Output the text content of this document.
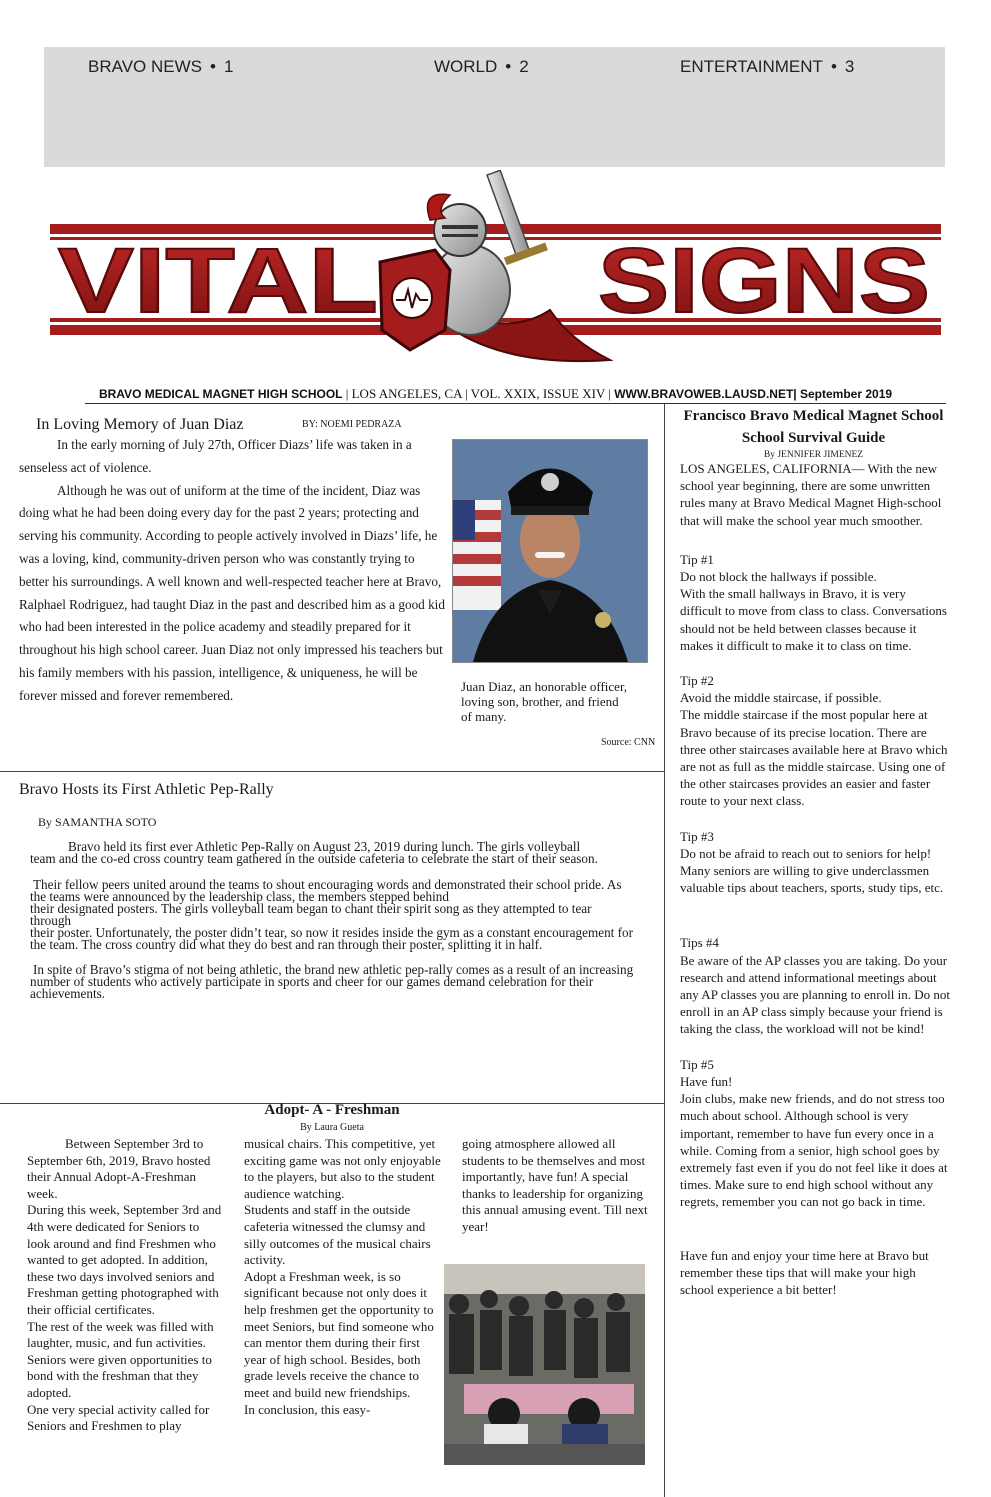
BRAVO NEWS • 1	WORLD • 2	ENTERTAINMENT • 3
VITAL SIGNS
BRAVO MEDICAL MAGNET HIGH SCHOOL | LOS ANGELES, CA | VOL. XXIX, ISSUE XIV | WWW.BRAVOWEB.LAUSD.NET| September 2019
In Loving Memory of Juan Diaz	BY: NOEMI PEDRAZA

In the early morning of July 27th, Officer Diazs’ life was taken in a senseless act of violence.

Although he was out of uniform at the time of the incident, Diaz was doing what he had been doing every day for the past 2 years; protecting and serving his community. According to people actively involved in Diazs’ life, he was a loving, kind, community-driven person who was constantly trying to better his surroundings. A well known and well-respected teacher here at Bravo, Ralphael Rodriguez, had taught Diaz in the past and described him as a good kid who had been interested in the police academy and steadily prepared for it throughout his high school career. Juan Diaz not only impressed his teachers but his family members with his passion, intelligence, & uniqueness, he will be forever missed and forever remembered.

Juan Diaz, an honorable officer, loving son, brother, and friend of many.
Source: CNN
Bravo Hosts its First Athletic Pep-Rally
By SAMANTHA SOTO

Bravo held its first ever Athletic Pep-Rally on August 23, 2019 during lunch. The girls volleyball

team and the co-ed cross country team gathered in the outside cafeteria to celebrate the start of their season.

Their fellow peers united around the teams to shout encouraging words and demonstrated their school pride. As the teams were announced by the leadership class, the members stepped behind

their designated posters. The girls volleyball team began to chant their spirit song as they attempted to tear through

their poster. Unfortunately, the poster didn’t tear, so now it resides inside the gym as a constant encouragement for the team. The cross country did what they do best and ran through their poster, splitting it in half.

In spite of Bravo’s stigma of not being athletic, the brand new athletic pep-rally comes as a result of an increasing number of students who actively participate in sports and cheer for our games demand celebration for their achievements.

Adopt- A - Freshman
By Laura Gueta

Between September 3rd to September 6th, 2019, Bravo hosted their Annual Adopt-A-Freshman week.

During this week, September 3rd and 4th were dedicated for Seniors to look around and find Freshmen who wanted to get adopted. In addition, these two days involved seniors and Freshman getting photographed with their official certificates.

The rest of the week was filled with laughter, music, and fun activities. Seniors were given opportunities to bond with the freshman that they adopted.

One very special activity called for Seniors and Freshmen to play

musical chairs. This competitive, yet exciting game was not only enjoyable to the players, but also to the student audience watching.

Students and staff in the outside cafeteria witnessed the clumsy and silly outcomes of the musical chairs activity.

Adopt a Freshman week, is so significant because not only does it help freshmen get the opportunity to meet Seniors, but find someone who can mentor them during their first year of high school. Besides, both grade levels receive the chance to meet and build new friendships.

In conclusion, this easy-

going atmosphere allowed all students to be themselves and most importantly, have fun! A special thanks to leadership for organizing this annual amusing event. Till next year!

Francisco Bravo Medical Magnet School
School Survival Guide
By JENNIFER JIMENEZ

LOS ANGELES, CALIFORNIA— With the new school year beginning, there are some unwritten rules many at Bravo Medical Magnet High-school that will make the school year much smoother.

Tip #1

Do not block the hallways if possible.

With the small hallways in Bravo, it is very difficult to move from class to class. Conversations should not be held between classes because it makes it difficult to make it to class on time.

Tip #2

Avoid the middle staircase, if possible.

The middle staircase if the most popular here at Bravo because of its precise location. There are three other staircases available here at Bravo which are not as full as the middle staircase. Using one of the other staircases provides an easier and faster route to your next class.

Tip #3

Do not be afraid to reach out to seniors for help!

Many seniors are willing to give underclassmen valuable tips about teachers, sports, study tips, etc.

Tips #4

Be aware of the AP classes you are taking. Do your research and attend informational meetings about any AP classes you are planning to enroll in. Do not enroll in an AP class simply because your friend is taking the class, the workload will not be kind!

Tip #5

Have fun!

Join clubs, make new friends, and do not stress too much about school. Although school is very important, remember to have fun every once in a while. Coming from a senior, high school goes by extremely fast even if you do not feel like it does at times. Make sure to end high school without any regrets, remember you can not go back in time.

Have fun and enjoy your time here at Bravo but remember these tips that will make your high school experience a bit better!
